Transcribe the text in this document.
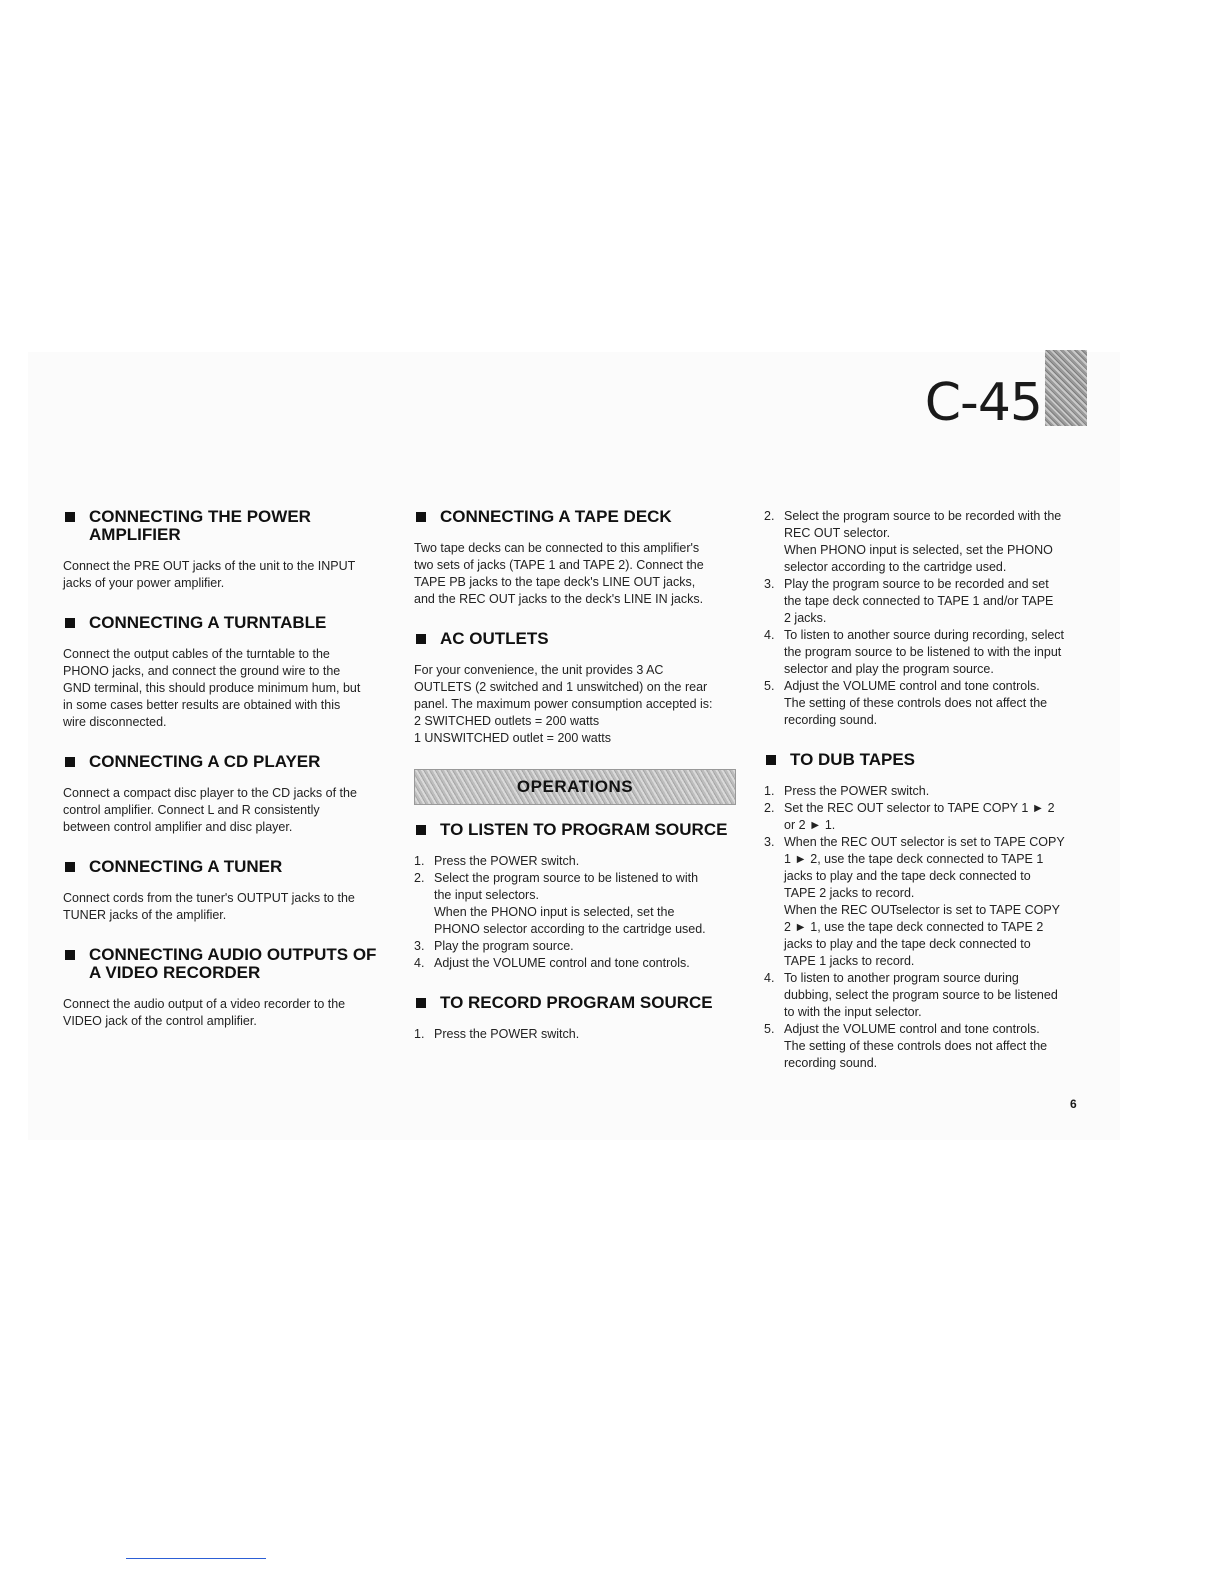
C-45
CONNECTING THE POWER
AMPLIFIER

Connect the PRE OUT jacks of the unit to the INPUT
jacks of your power amplifier.

CONNECTING A TURNTABLE

Connect the output cables of the turntable to the
PHONO jacks, and connect the ground wire to the
GND terminal, this should produce minimum hum, but
in some cases better results are obtained with this
wire disconnected.

CONNECTING A CD PLAYER

Connect a compact disc player to the CD jacks of the
control amplifier. Connect L and R consistently
between control amplifier and disc player.

CONNECTING A TUNER

Connect cords from the tuner's OUTPUT jacks to the
TUNER jacks of the amplifier.

CONNECTING AUDIO OUTPUTS OF
A VIDEO RECORDER

Connect the audio output of a video recorder to the
VIDEO jack of the control amplifier.

CONNECTING A TAPE DECK

Two tape decks can be connected to this amplifier's
two sets of jacks (TAPE 1 and TAPE 2). Connect the
TAPE PB jacks to the tape deck's LINE OUT jacks,
and the REC OUT jacks to the deck's LINE IN jacks.

AC OUTLETS

For your convenience, the unit provides 3 AC
OUTLETS (2 switched and 1 unswitched) on the rear
panel. The maximum power consumption accepted is:
2 SWITCHED outlets = 200 watts
1 UNSWITCHED outlet = 200 watts

OPERATIONS
TO LISTEN TO PROGRAM SOURCE
1. Press the POWER switch.
2. Select the program source to be listened to with
the input selectors.
When the PHONO input is selected, set the
PHONO selector according to the cartridge used.
3. Play the program source.
4. Adjust the VOLUME control and tone controls.
TO RECORD PROGRAM SOURCE
1. Press the POWER switch.
2. Select the program source to be recorded with the
REC OUT selector.
When PHONO input is selected, set the PHONO
selector according to the cartridge used.
3. Play the program source to be recorded and set
the tape deck connected to TAPE 1 and/or TAPE
2 jacks.
4. To listen to another source during recording, select
the program source to be listened to with the input
selector and play the program source.
5. Adjust the VOLUME control and tone controls.
The setting of these controls does not affect the
recording sound.
TO DUB TAPES
1. Press the POWER switch.
2. Set the REC OUT selector to TAPE COPY 1 ► 2
or 2 ► 1.
3. When the REC OUT selector is set to TAPE COPY
1 ► 2, use the tape deck connected to TAPE 1
jacks to play and the tape deck connected to
TAPE 2 jacks to record.
When the REC OUTselector is set to TAPE COPY
2 ► 1, use the tape deck connected to TAPE 2
jacks to play and the tape deck connected to
TAPE 1 jacks to record.
4. To listen to another program source during
dubbing, select the program source to be listened
to with the input selector.
5. Adjust the VOLUME control and tone controls.
The setting of these controls does not affect the
recording sound.
6
